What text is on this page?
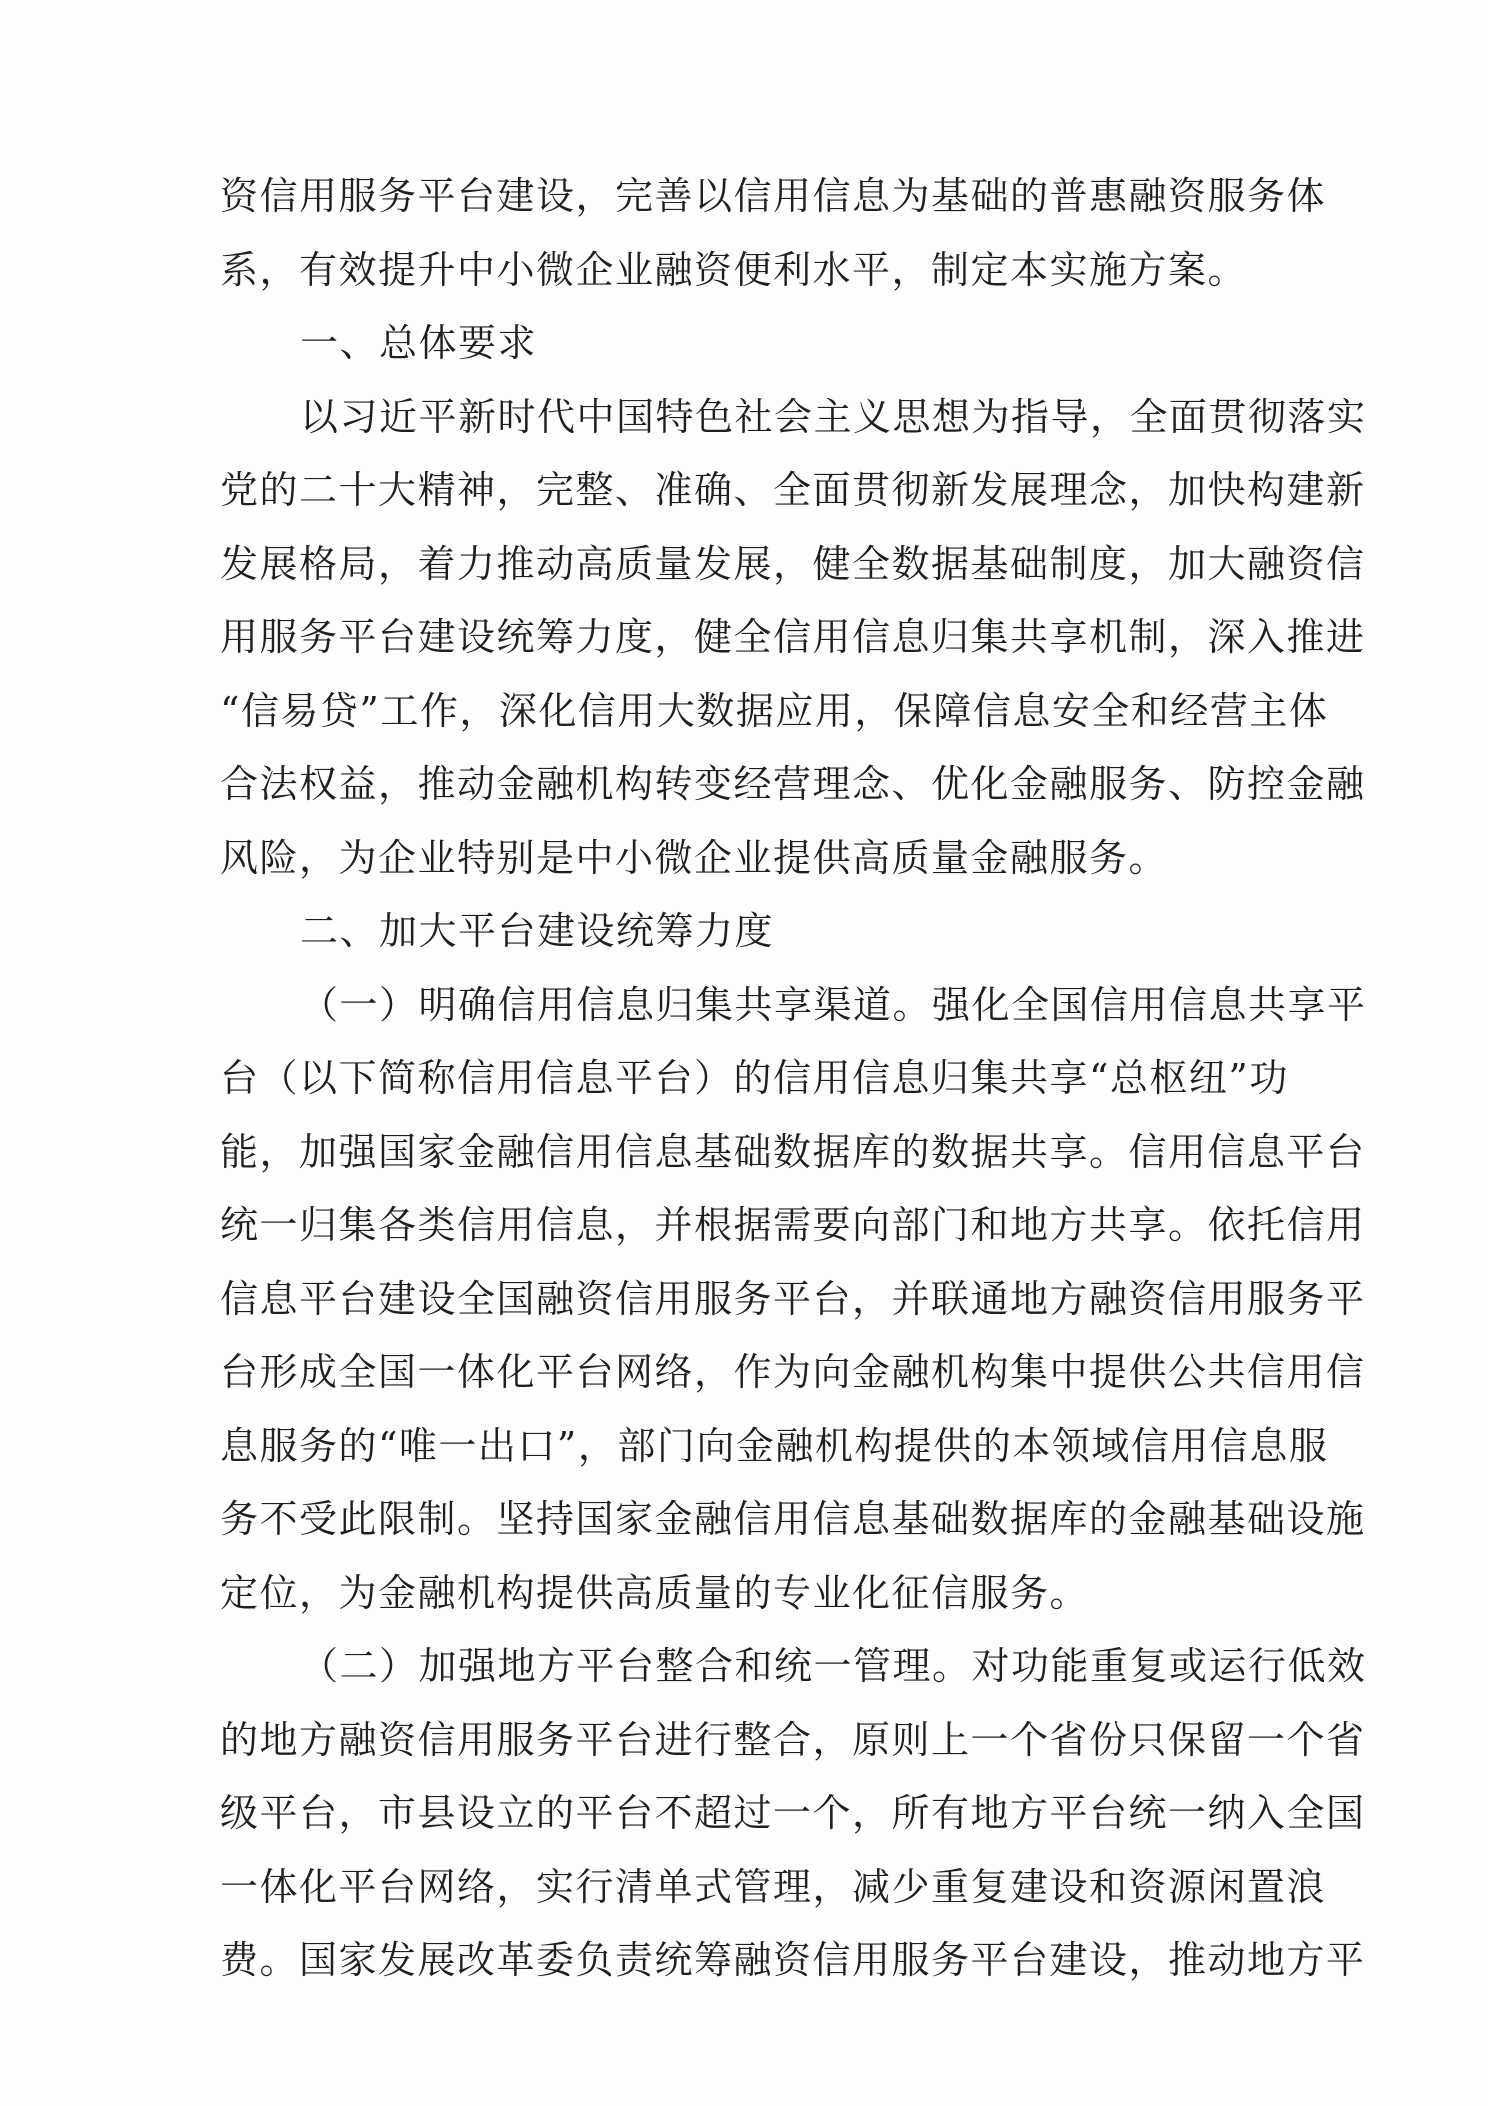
资信用服务平台建设，完善以信用信息为基础的普惠融资服务体
系，有效提升中小微企业融资便利水平，制定本实施方案。
一、总体要求
以习近平新时代中国特色社会主义思想为指导，全面贯彻落实
党的二十大精神，完整、准确、全面贯彻新发展理念，加快构建新
发展格局，着力推动高质量发展，健全数据基础制度，加大融资信
用服务平台建设统筹力度，健全信用信息归集共享机制，深入推进
“信易贷”工作，深化信用大数据应用，保障信息安全和经营主体
合法权益，推动金融机构转变经营理念、优化金融服务、防控金融
风险，为企业特别是中小微企业提供高质量金融服务。
二、加大平台建设统筹力度
（一）明确信用信息归集共享渠道。强化全国信用信息共享平
台（以下简称信用信息平台）的信用信息归集共享“总枢纽”功
能，加强国家金融信用信息基础数据库的数据共享。信用信息平台
统一归集各类信用信息，并根据需要向部门和地方共享。依托信用
信息平台建设全国融资信用服务平台，并联通地方融资信用服务平
台形成全国一体化平台网络，作为向金融机构集中提供公共信用信
息服务的“唯一出口”，部门向金融机构提供的本领域信用信息服
务不受此限制。坚持国家金融信用信息基础数据库的金融基础设施
定位，为金融机构提供高质量的专业化征信服务。
（二）加强地方平台整合和统一管理。对功能重复或运行低效
的地方融资信用服务平台进行整合，原则上一个省份只保留一个省
级平台，市县设立的平台不超过一个，所有地方平台统一纳入全国
一体化平台网络，实行清单式管理，减少重复建设和资源闲置浪
费。国家发展改革委负责统筹融资信用服务平台建设，推动地方平
